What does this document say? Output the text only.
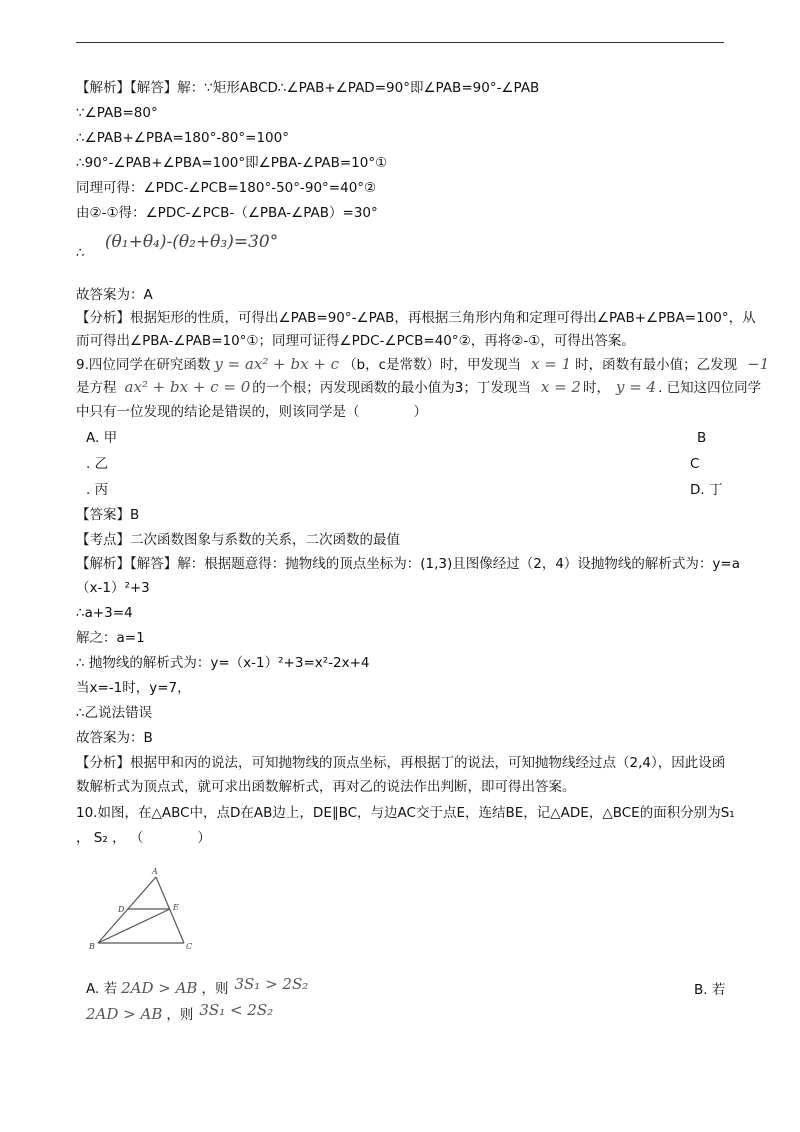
【解析】【解答】解：∵矩形ABCD∴∠PAB+∠PAD=90°即∠PAB=90°-∠PAB
∵∠PAB=80°
∴∠PAB+∠PBA=180°-80°=100°
∴90°-∠PAB+∠PBA=100°即∠PBA-∠PAB=10°①
同理可得：∠PDC-∠PCB=180°-50°-90°=40°②
由②-①得：∠PDC-∠PCB-（∠PBA-∠PAB）=30°
∴ (θ₁+θ₄)-(θ₂+θ₃)=30°
故答案为：A
【分析】根据矩形的性质，可得出∠PAB=90°-∠PAB，再根据三角形内角和定理可得出∠PAB+∠PBA=100°，从
而可得出∠PBA-∠PAB=10°①；同理可证得∠PDC-∠PCB=40°②，再将②-①，可得出答案。
9.四位同学在研究函数 y = ax² + bx + c （b，c是常数）时，甲发现当 x = 1 时，函数有最小值；乙发现 −1
是方程 ax² + bx + c = 0 的一个根；丙发现函数的最小值为3；丁发现当 x = 2 时， y = 4 . 已知这四位同学
中只有一位发现的结论是错误的，则该同学是（　　　　）
A. 甲	B
. 乙	C
. 丙	D. 丁
【答案】B
【考点】二次函数图象与系数的关系，二次函数的最值
【解析】【解答】解：根据题意得：抛物线的顶点坐标为：(1,3)且图像经过（2，4）设抛物线的解析式为：y=a
（x-1）²+3
∴a+3=4
解之：a=1
∴ 抛物线的解析式为：y=（x-1）²+3=x²-2x+4
当x=-1时，y=7，
∴乙说法错误
故答案为：B
【分析】根据甲和丙的说法，可知抛物线的顶点坐标，再根据丁的说法，可知抛物线经过点（2,4），因此设函
数解析式为顶点式，就可求出函数解析式，再对乙的说法作出判断，即可得出答案。
10.如图，在△ABC中，点D在AB边上，DE∥BC，与边AC交于点E，连结BE，记△ADE，△BCE的面积分别为S₁
， S₂ ， （　　　　）
A
B	C
D	E
A. 若 2AD > AB ，则 3S₁ > 2S₂	B. 若
2AD > AB ，则 3S₁ < 2S₂
